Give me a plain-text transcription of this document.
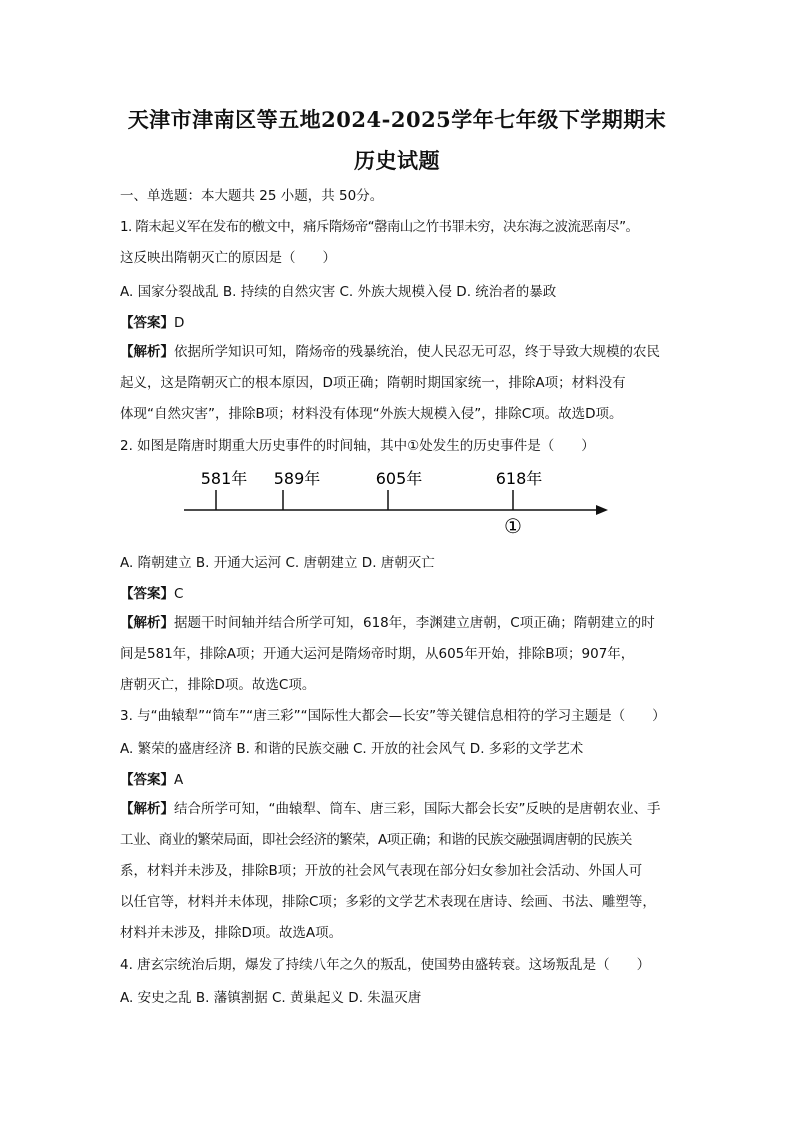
天津市津南区等五地2024-2025学年七年级下学期期末
历史试题
一、单选题：本大题共 25 小题，共 50分。
1. 隋末起义军在发布的檄文中，痛斥隋炀帝“罄南山之竹书罪未穷，决东海之波流恶南尽”。
这反映出隋朝灭亡的原因是（　　）
A. 国家分裂战乱 B. 持续的自然灾害 C. 外族大规模入侵 D. 统治者的暴政
【答案】D
【解析】依据所学知识可知，隋炀帝的残暴统治，使人民忍无可忍，终于导致大规模的农民
起义，这是隋朝灭亡的根本原因，D项正确；隋朝时期国家统一，排除A项；材料没有
体现“自然灾害”，排除B项；材料没有体现“外族大规模入侵”，排除C项。故选D项。
2. 如图是隋唐时期重大历史事件的时间轴，其中①处发生的历史事件是（　　）
581年 589年	605年	618年
①
A. 隋朝建立 B. 开通大运河 C. 唐朝建立 D. 唐朝灭亡
【答案】C
【解析】据题干时间轴并结合所学可知，618年，李渊建立唐朝，C项正确；隋朝建立的时
间是581年，排除A项；开通大运河是隋炀帝时期，从605年开始，排除B项；907年，
唐朝灭亡，排除D项。故选C项。
3. 与“曲辕犁”“筒车”“唐三彩”“国际性大都会—长安”等关键信息相符的学习主题是（　　）
A. 繁荣的盛唐经济 B. 和谐的民族交融 C. 开放的社会风气 D. 多彩的文学艺术
【答案】A
【解析】结合所学可知，“曲辕犁、筒车、唐三彩，国际大都会长安”反映的是唐朝农业、手
工业、商业的繁荣局面，即社会经济的繁荣，A项正确；和谐的民族交融强调唐朝的民族关
系，材料并未涉及，排除B项；开放的社会风气表现在部分妇女参加社会活动、外国人可
以任官等，材料并未体现，排除C项；多彩的文学艺术表现在唐诗、绘画、书法、雕塑等，
材料并未涉及，排除D项。故选A项。
4. 唐玄宗统治后期，爆发了持续八年之久的叛乱，使国势由盛转衰。这场叛乱是（　　）
A. 安史之乱 B. 藩镇割据 C. 黄巢起义 D. 朱温灭唐
